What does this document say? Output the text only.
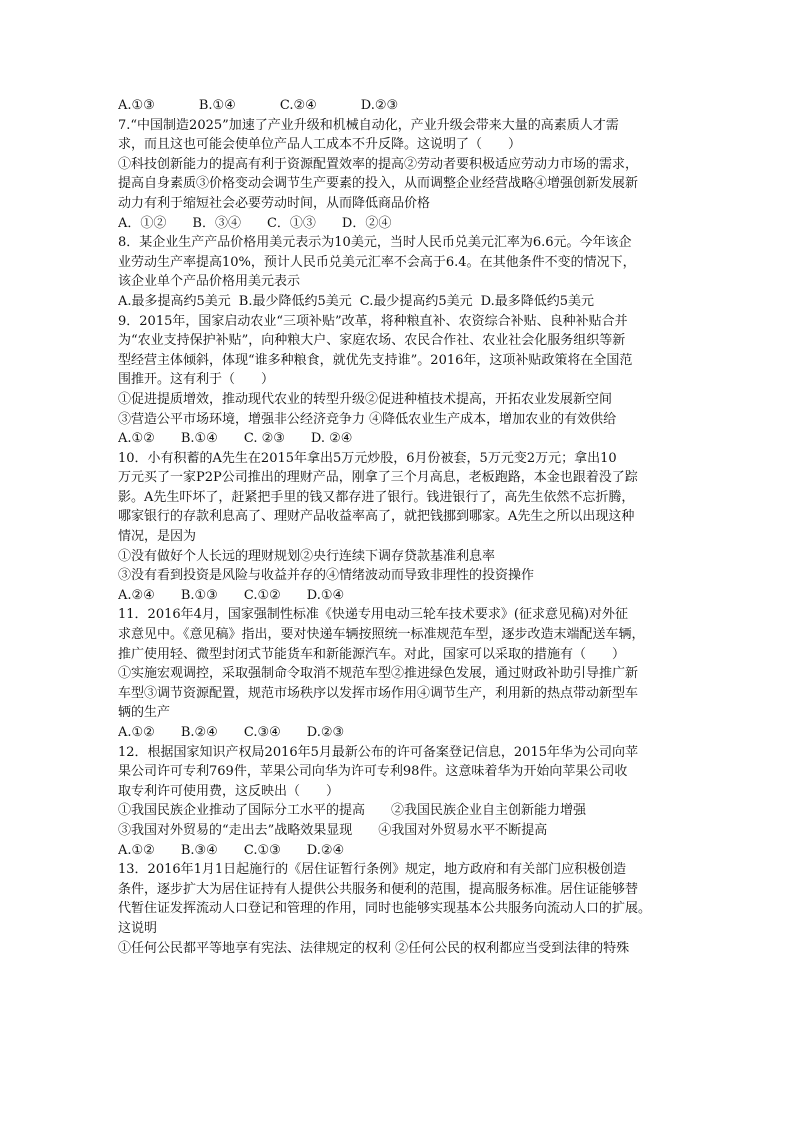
A.①③	B.①④	C.②④	D.②③
7.“中国制造2025”加速了产业升级和机械自动化，产业升级会带来大量的高素质人才需
求，而且这也可能会使单位产品人工成本不升反降。这说明了（　　）
①科技创新能力的提高有利于资源配置效率的提高②劳动者要积极适应劳动力市场的需求，
提高自身素质③价格变动会调节生产要素的投入，从而调整企业经营战略④增强创新发展新
动力有利于缩短社会必要劳动时间，从而降低商品价格
A．①② B．③④ C．①③ D．②④
8．某企业生产产品价格用美元表示为10美元，当时人民币兑美元汇率为6.6元。今年该企
业劳动生产率提高10%，预计人民币兑美元汇率不会高于6.4。在其他条件不变的情况下，
该企业单个产品价格用美元表示
A.最多提高约5美元 B.最少降低约5美元 C.最少提高约5美元 D.最多降低约5美元
9．2015年，国家启动农业“三项补贴”改革，将种粮直补、农资综合补贴、良种补贴合并
为“农业支持保护补贴”，向种粮大户、家庭农场、农民合作社、农业社会化服务组织等新
型经营主体倾斜，体现“谁多种粮食，就优先支持谁”。2016年，这项补贴政策将在全国范
围推开。这有利于（　　）
①促进提质增效，推动现代农业的转型升级②促进种植技术提高，开拓农业发展新空间
③营造公平市场环境，增强非公经济竞争力 ④降低农业生产成本，增加农业的有效供给
A.①② B.①④ C. ②③ D. ②④
10．小有积蓄的A先生在2015年拿出5万元炒股，6月份被套，5万元变2万元；拿出10
万元买了一家P2P公司推出的理财产品，刚拿了三个月高息，老板跑路，本金也跟着没了踪
影。A先生吓坏了，赶紧把手里的钱又都存进了银行。钱进银行了，高先生依然不忘折腾，
哪家银行的存款利息高了、理财产品收益率高了，就把钱挪到哪家。A先生之所以出现这种
情况，是因为
①没有做好个人长远的理财规划②央行连续下调存贷款基准利息率
③没有看到投资是风险与收益并存的④情绪波动而导致非理性的投资操作
A.②④ B.①③ C.①② D.①④
11．2016年4月，国家强制性标准《快递专用电动三轮车技术要求》(征求意见稿)对外征
求意见中。《意见稿》指出，要对快递车辆按照统一标准规范车型，逐步改造末端配送车辆，
推广使用轻、微型封闭式节能货车和新能源汽车。对此，国家可以采取的措施有（　　）
①实施宏观调控，采取强制命令取消不规范车型②推进绿色发展，通过财政补助引导推广新
车型③调节资源配置，规范市场秩序以发挥市场作用④调节生产，利用新的热点带动新型车
辆的生产
A.①② B.②④ C.③④ D.②③
12．根据国家知识产权局2016年5月最新公布的许可备案登记信息，2015年华为公司向苹
果公司许可专利769件，苹果公司向华为许可专利98件。这意味着华为开始向苹果公司收
取专利许可使用费，这反映出（　　）
①我国民族企业推动了国际分工水平的提高　　②我国民族企业自主创新能力增强
③我国对外贸易的“走出去”战略效果显现　　④我国对外贸易水平不断提高
A.①② B.③④ C.①③ D.②④
13．2016年1月1日起施行的《居住证暂行条例》规定，地方政府和有关部门应积极创造
条件，逐步扩大为居住证持有人提供公共服务和便利的范围，提高服务标准。居住证能够替
代暂住证发挥流动人口登记和管理的作用，同时也能够实现基本公共服务向流动人口的扩展。
这说明
①任何公民都平等地享有宪法、法律规定的权利 ②任何公民的权利都应当受到法律的特殊
